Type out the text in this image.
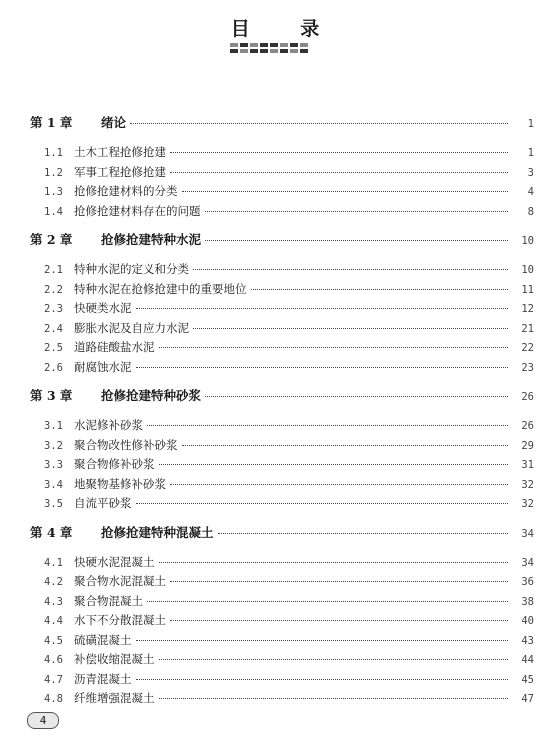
目 录
第 1 章	绪论	1
1.1 土木工程抢修抢建	1
1.2 军事工程抢修抢建	3
1.3 抢修抢建材料的分类	4
1.4 抢修抢建材料存在的问题	8
第 2 章	抢修抢建特种水泥	10
2.1 特种水泥的定义和分类	10
2.2 特种水泥在抢修抢建中的重要地位	11
2.3 快硬类水泥	12
2.4 膨胀水泥及自应力水泥	21
2.5 道路硅酸盐水泥	22
2.6 耐腐蚀水泥	23
第 3 章	抢修抢建特种砂浆	26
3.1 水泥修补砂浆	26
3.2 聚合物改性修补砂浆	29
3.3 聚合物修补砂浆	31
3.4 地聚物基修补砂浆	32
3.5 自流平砂浆	32
第 4 章	抢修抢建特种混凝土	34
4.1 快硬水泥混凝土	34
4.2 聚合物水泥混凝土	36
4.3 聚合物混凝土	38
4.4 水下不分散混凝土	40
4.5 硫磺混凝土	43
4.6 补偿收缩混凝土	44
4.7 沥青混凝土	45
4.8 纤维增强混凝土	47
4
